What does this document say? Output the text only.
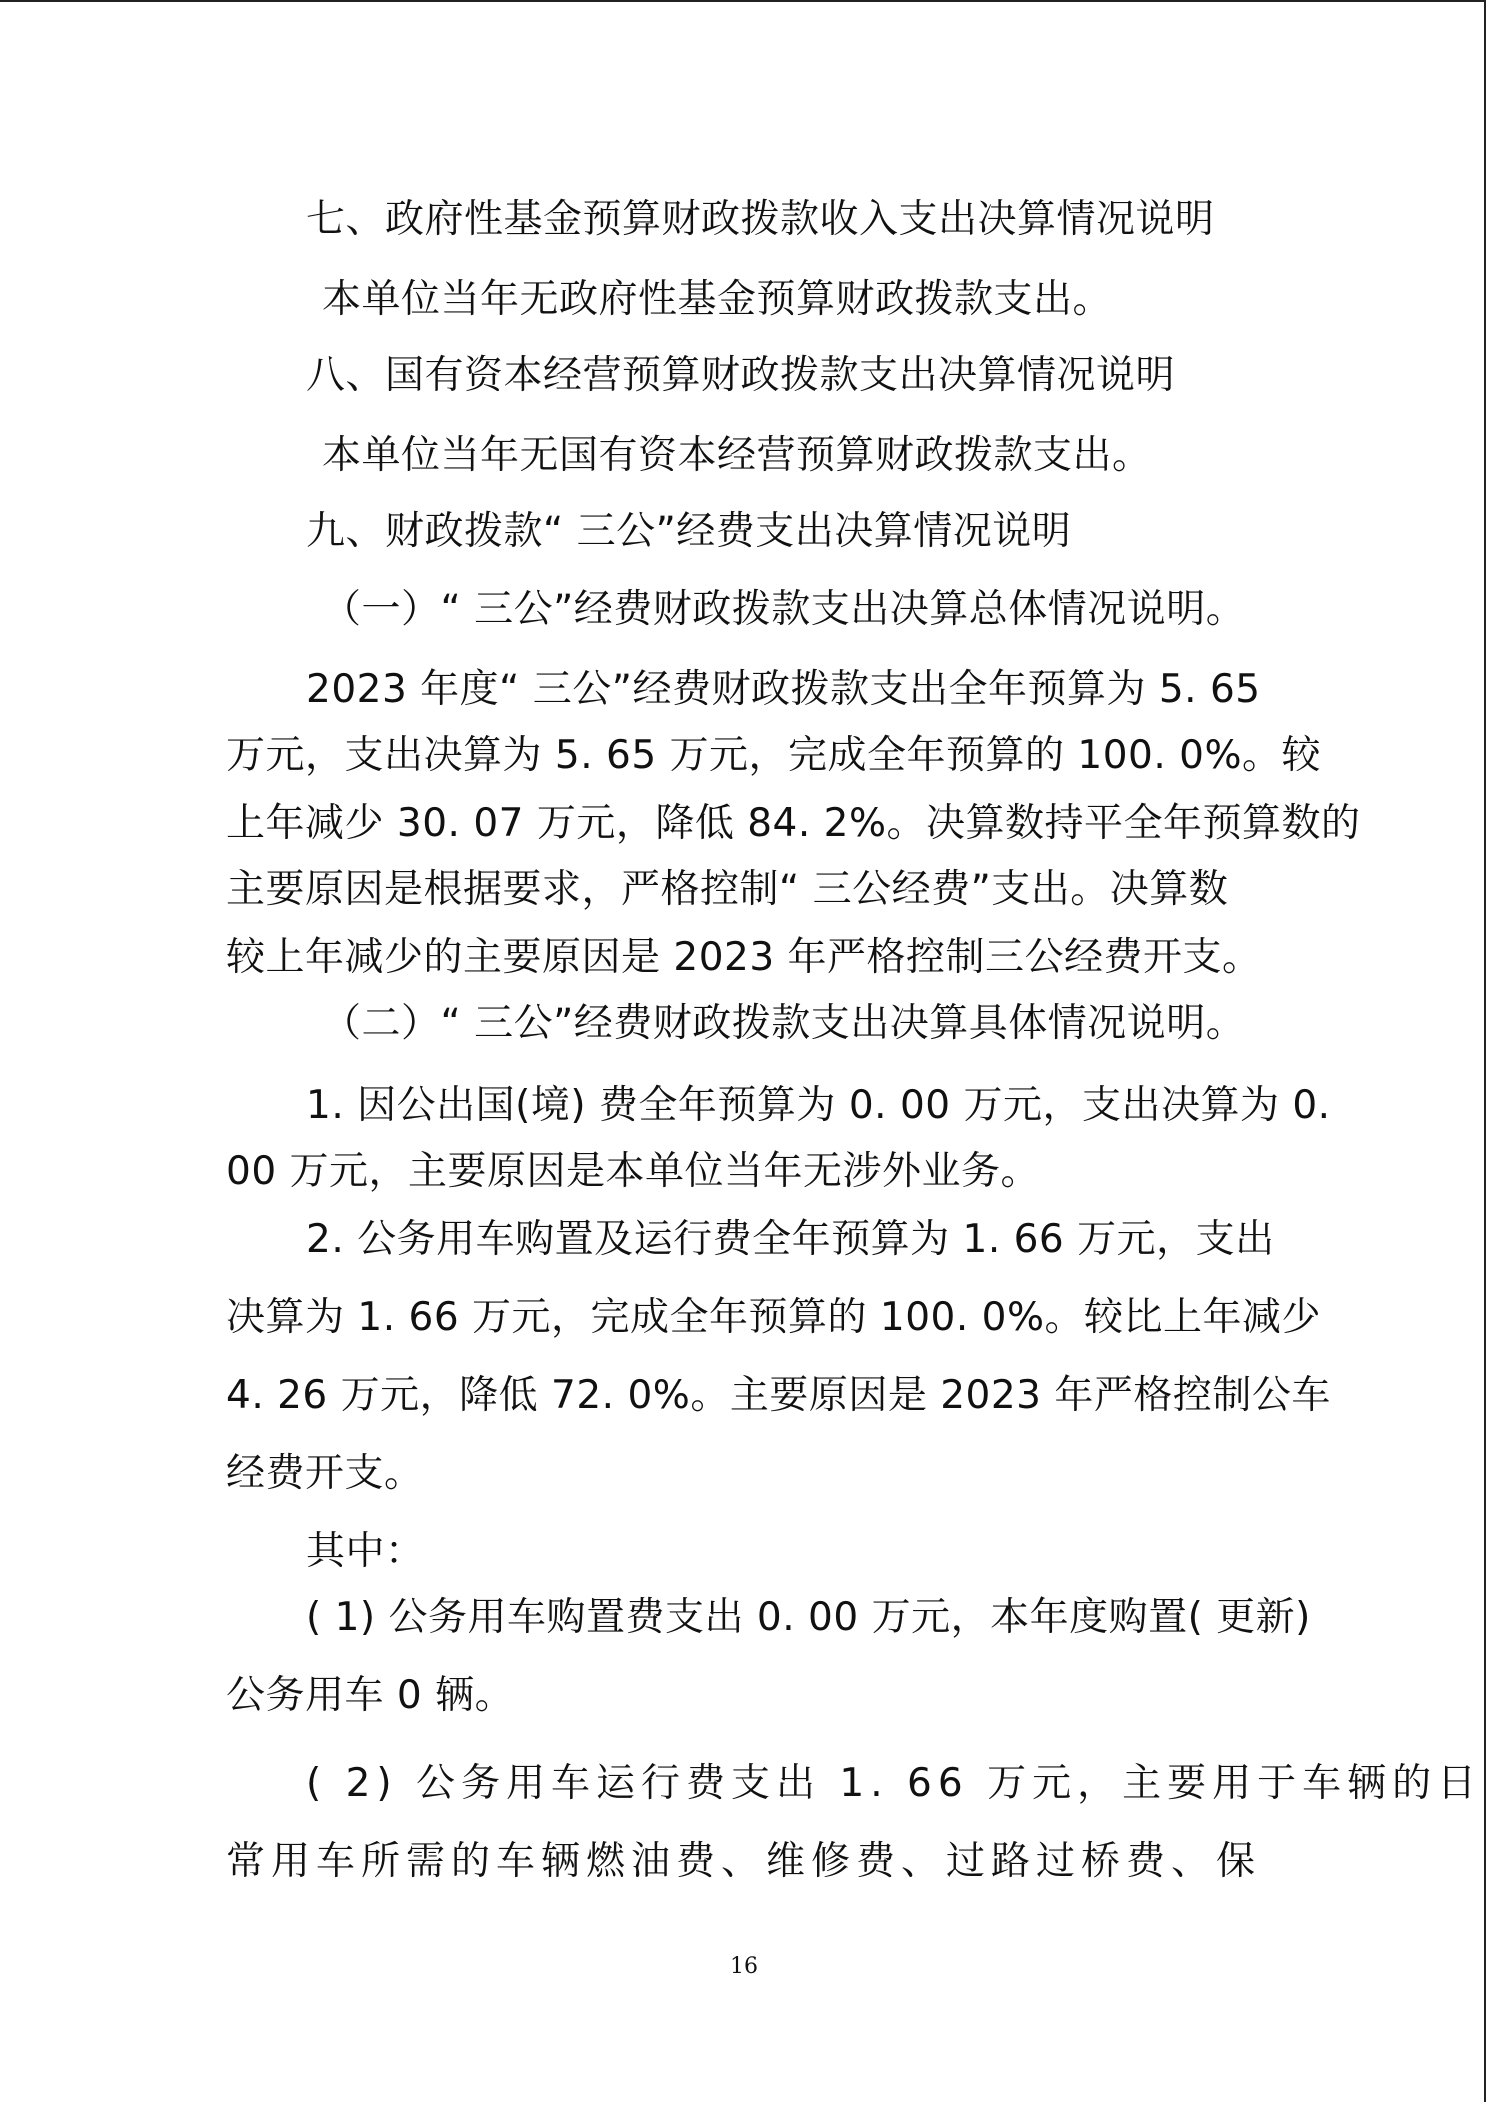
七、政府性基金预算财政拨款收入支出决算情况说明
本单位当年无政府性基金预算财政拨款支出。
八、国有资本经营预算财政拨款支出决算情况说明
本单位当年无国有资本经营预算财政拨款支出。
九、财政拨款“ 三公”经费支出决算情况说明
（一）“ 三公”经费财政拨款支出决算总体情况说明。
2023 年度“ 三公”经费财政拨款支出全年预算为 5. 65
万元，支出决算为 5. 65 万元，完成全年预算的 100. 0%。较
上年减少 30. 07 万元，降低 84. 2%。决算数持平全年预算数的
主要原因是根据要求，严格控制“ 三公经费”支出。决算数
较上年减少的主要原因是 2023 年严格控制三公经费开支。
（二）“ 三公”经费财政拨款支出决算具体情况说明。
1. 因公出国(境) 费全年预算为 0. 00 万元，支出决算为 0.
00 万元，主要原因是本单位当年无涉外业务。
2. 公务用车购置及运行费全年预算为 1. 66 万元，支出
决算为 1. 66 万元，完成全年预算的 100. 0%。较比上年减少
4. 26 万元，降低 72. 0%。主要原因是 2023 年严格控制公车
经费开支。
其中：
( 1) 公务用车购置费支出 0. 00 万元，本年度购置( 更新)
公务用车 0 辆。
( 2) 公务用车运行费支出 1. 66 万元，主要用于车辆的日
常用车所需的车辆燃油费、维修费、过路过桥费、保
16
